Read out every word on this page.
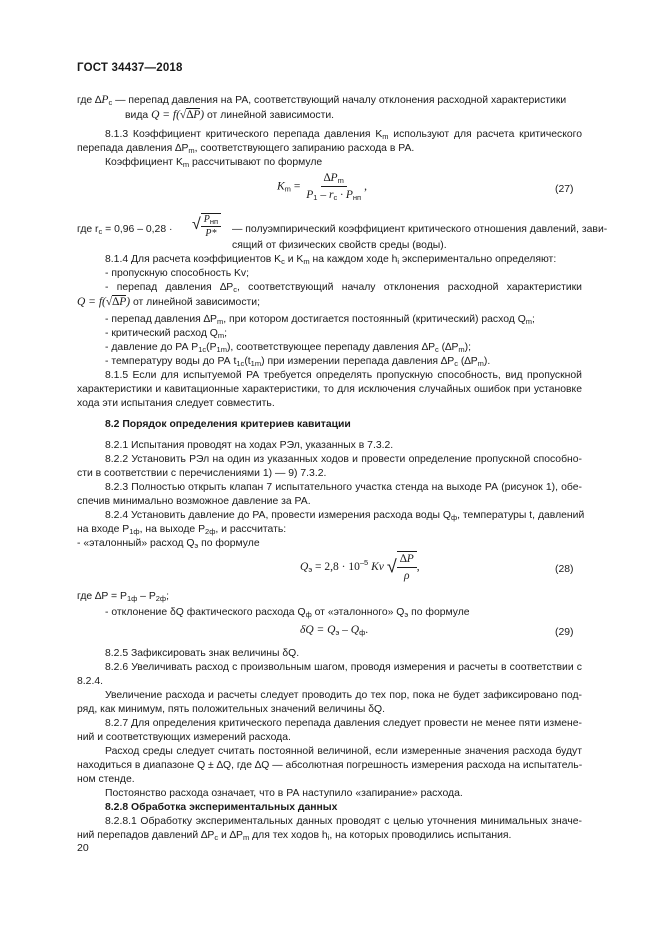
ГОСТ 34437—2018
где $\Delta P_c$ — перепад давления на РА, соответствующий началу отклонения расходной характеристики
вида Q = f(√∆P) от линейной зависимости.
8.1.3 Коэффициент критического перепада давления $K_m$ используют для расчета критического
перепада давления $\Delta P_m$, соответствующего запиранию расхода в РА.
Коэффициент $K_m$ рассчитывают по формуле
$K_m = \frac{\Delta P_m}{P_1 - r_c \cdot P_{нп}}$ ,	(27)
где $r_c = 0,96 - 0,28$ · √ $\frac{P_{нп}}{P*}$ — полуэмпирический коэффициент критического отношения давлений, зави-
сящий от физических свойств среды (воды).
8.1.4 Для расчета коэффициентов $K_c$ и $K_m$ на каждом ходе $h_i$ экспериментально определяют:
- пропускную способность Kv;
- перепад давления $\Delta P_c$, соответствующий началу отклонения расходной характеристики
Q = f(√∆P) от линейной зависимости;
- перепад давления $\Delta P_m$, при котором достигается постоянный (критический) расход $Q_m$;
- критический расход $Q_m$;
- давление до РА $P_{1c}(P_{1m})$, соответствующее перепаду давления $\Delta P_c$ $(\Delta P_m)$;
- температуру воды до РА $t_{1c}(t_{1m})$ при измерении перепада давления $\Delta P_c$ $(\Delta P_m)$.
8.1.5 Если для испытуемой РА требуется определять пропускную способность, вид пропускной
характеристики и кавитационные характеристики, то для исключения случайных ошибок при установке
хода эти испытания следует совместить.
8.2 Порядок определения критериев кавитации
8.2.1 Испытания проводят на ходах РЭл, указанных в 7.3.2.
8.2.2 Установить РЭл на один из указанных ходов и провести определение пропускной способно-
сти в соответствии с перечислениями 1) — 9) 7.3.2.
8.2.3 Полностью открыть клапан 7 испытательного участка стенда на выходе РА (рисунок 1), обе-
спечив минимально возможное давление за РА.
8.2.4 Установить давление до РА, провести измерения расхода воды $Q_ф$, температуры t, давлений
на входе $P_{1ф}$, на выходе $P_{2ф}$, и рассчитать:
- «эталонный» расход $Q_э$ по формуле
$Q_э = 2,8 \cdot 10^{-5}$ Kv √ $\frac{\Delta P}{\rho}$ ,	(28)
где $\Delta P = P_{1ф} - P_{2ф}$;
- отклонение δQ фактического расхода $Q_ф$ от «эталонного» $Q_э$ по формуле
$\delta Q = Q_э - Q_ф$.	(29)
8.2.5 Зафиксировать знак величины δQ.
8.2.6 Увеличивать расход с произвольным шагом, проводя измерения и расчеты в соответствии с
8.2.4.
Увеличение расхода и расчеты следует проводить до тех пор, пока не будет зафиксировано под-
ряд, как минимум, пять положительных значений величины δQ.
8.2.7 Для определения критического перепада давления следует провести не менее пяти измене-
ний и соответствующих измерений расхода.
Расход среды следует считать постоянной величиной, если измеренные значения расхода будут
находиться в диапазоне Q ± ∆Q, где ∆Q — абсолютная погрешность измерения расхода на испытатель-
ном стенде.
Постоянство расхода означает, что в РА наступило «запирание» расхода.
8.2.8 Обработка экспериментальных данных
8.2.8.1 Обработку экспериментальных данных проводят с целью уточнения минимальных значе-
ний перепадов давлений $\Delta P_c$ и $\Delta P_m$ для тех ходов $h_i$, на которых проводились испытания.
20
